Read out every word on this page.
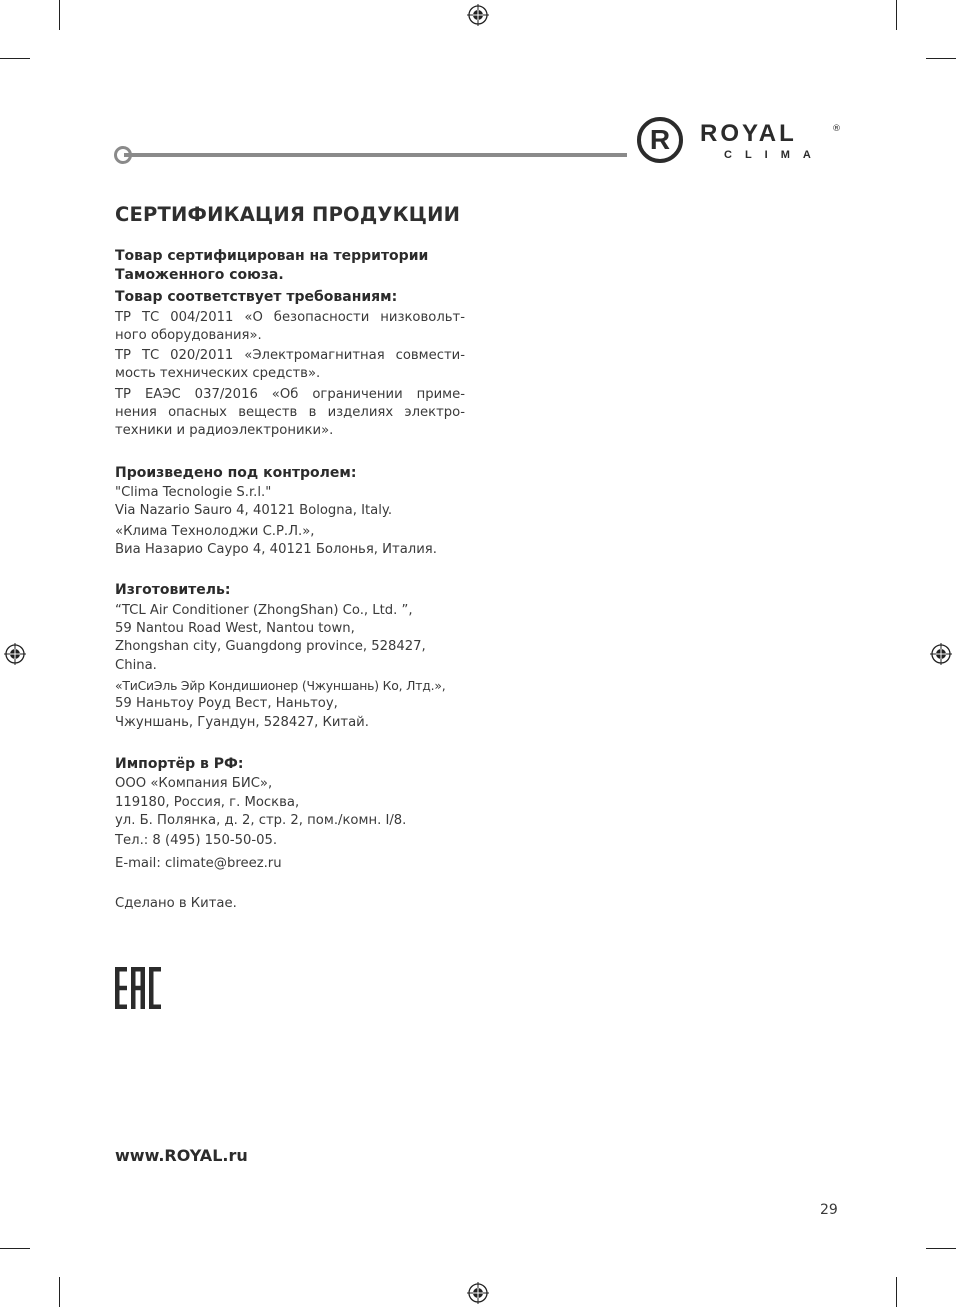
R ROYAL	®
CLIMA
СЕРТИФИКАЦИЯ ПРОДУКЦИИ
Товар сертифицирован на территории
Таможенного союза.
Товар соответствует требованиям:

ТР ТС 004/2011 «О безопасности низковольт-

ного оборудования».

ТР ТС 020/2011 «Электромагнитная совмести-

мость технических средств».

ТР ЕАЭС 037/2016 «Об ограничении приме-

нения опасных веществ в изделиях электро-

техники и радиоэлектроники».

Произведено под контролем:

"Clima Tecnologie S.r.l."

Via Nazario Sauro 4, 40121 Bologna, Italy.

«Клима Технолоджи С.Р.Л.»,

Виа Назарио Сауро 4, 40121 Болонья, Италия.

Изготовитель:

“TCL Air Conditioner (ZhongShan) Co., Ltd. ”,

59 Nantou Road West, Nantou town,

Zhongshan city, Guangdong province, 528427,

China.

«ТиСиЭль Эйр Кондишионер (Чжуншань) Ко, Лтд.»,

59 Наньтоу Роуд Вест, Наньтоу,

Чжуншань, Гуандун, 528427, Китай.

Импортёр в РФ:

ООО «Компания БИС»,

119180, Россия, г. Москва,

ул. Б. Полянка, д. 2, стр. 2, пом./комн. I/8.

Тел.: 8 (495) 150-50-05.

E-mail: climate@breez.ru

Сделано в Китае.

www.ROYAL.ru
29
